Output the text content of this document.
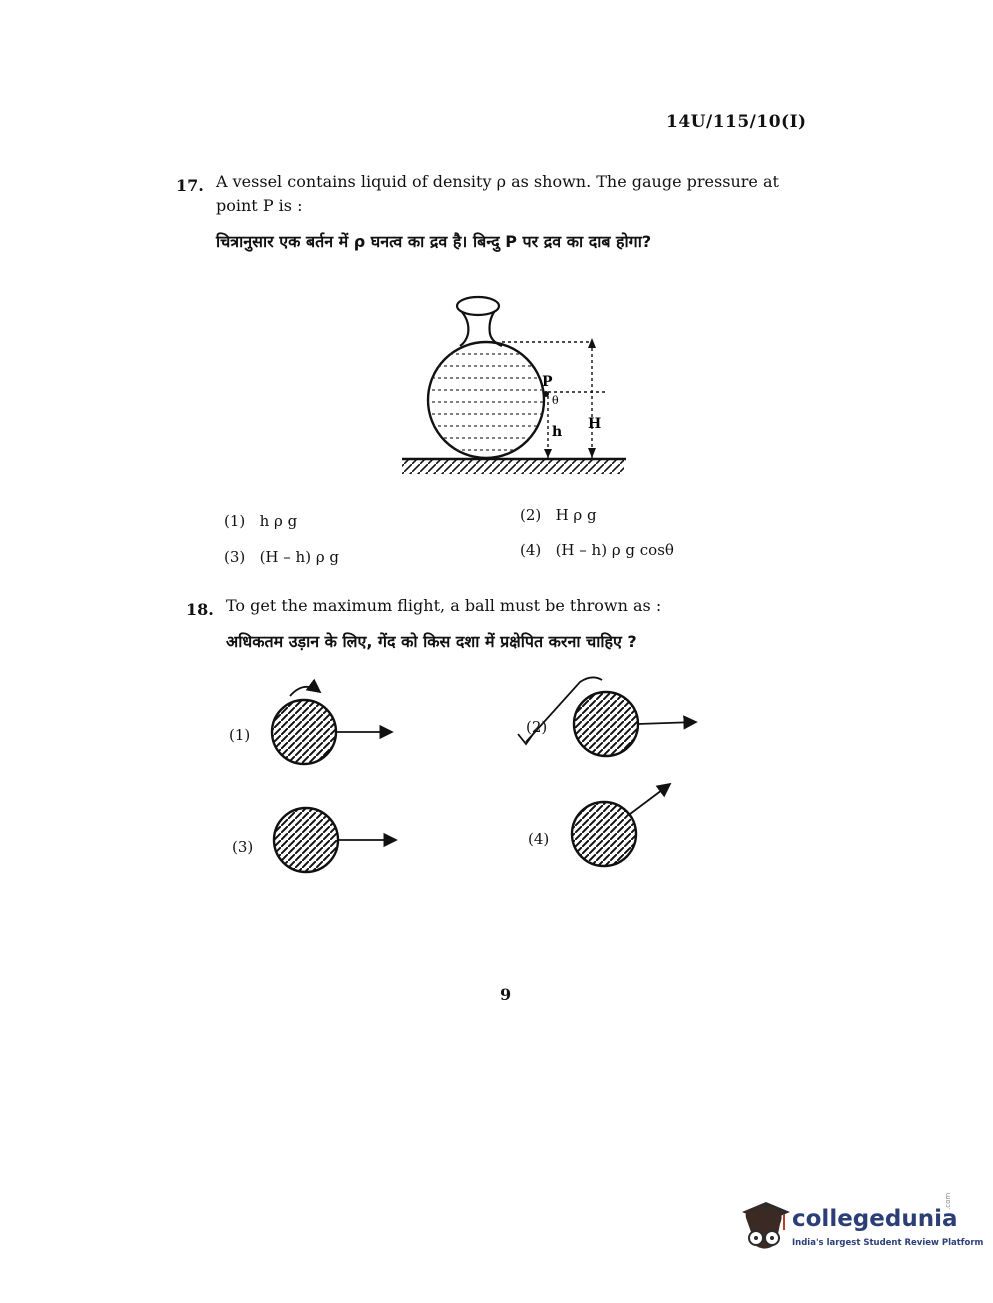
14U/115/10(I)
17. A vessel contains liquid of density ρ as shown. The gauge pressure at point P is :
चित्रानुसार एक बर्तन में ρ घनत्व का द्रव है। बिन्दु P पर द्रव का दाब होगा?
P
θ
h H
(1) h ρ g	(2) H ρ g
(3) (H – h) ρ g	(4) (H – h) ρ g cosθ
18. To get the maximum flight, a ball must be thrown as :
अधिकतम उड़ान के लिए, गेंद को किस दशा में प्रक्षेपित करना चाहिए ?
(1)	(2)
(3)	(4)
9
collegedunia
.com
India's largest Student Review Platform
